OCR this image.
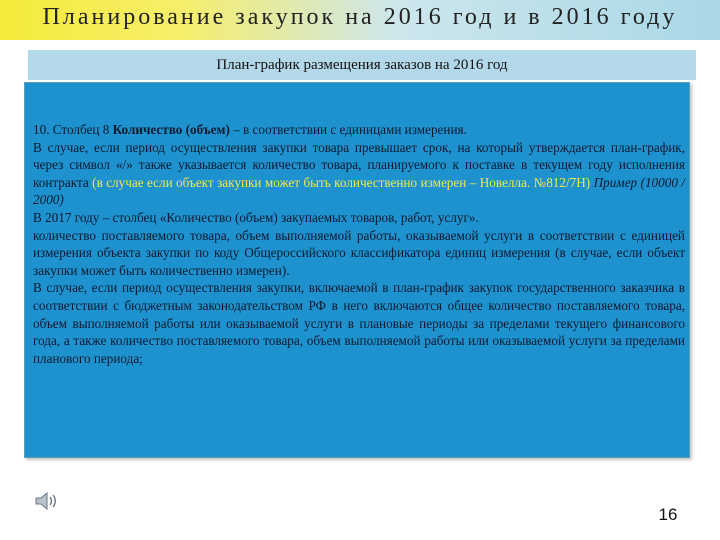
Планирование закупок на 2016 год и в 2016 году
План-график размещения заказов на 2016 год

10. Столбец 8 Количество (объем) – в соответствии с единицами измерения.

В случае, если период осуществления закупки товара превышает срок, на который утверждается план-график, через символ «/» также указывается количество товара, планируемого к поставке в текущем году исполнения контракта (в случае если объект закупки может быть количественно измерен – Новелла. №812/7Н) Пример (10000 / 2000)

В 2017 году – столбец «Количество (объем) закупаемых товаров, работ, услуг».

количество поставляемого товара, объем выполняемой работы, оказываемой услуги в соответствии с единицей измерения объекта закупки по коду Общероссийского классификатора единиц измерения (в случае, если объект закупки может быть количественно измерен).

В случае, если период осуществления закупки, включаемой в план-график закупок государственного заказчика в соответствии с бюджетным законодательством РФ в него включаются общее количество поставляемого товара, объем выполняемой работы или оказываемой услуги в плановые периоды за пределами текущего финансового года, а также количество поставляемого товара, объем выполняемой работы или оказываемой услуги за пределами планового периода;

16
